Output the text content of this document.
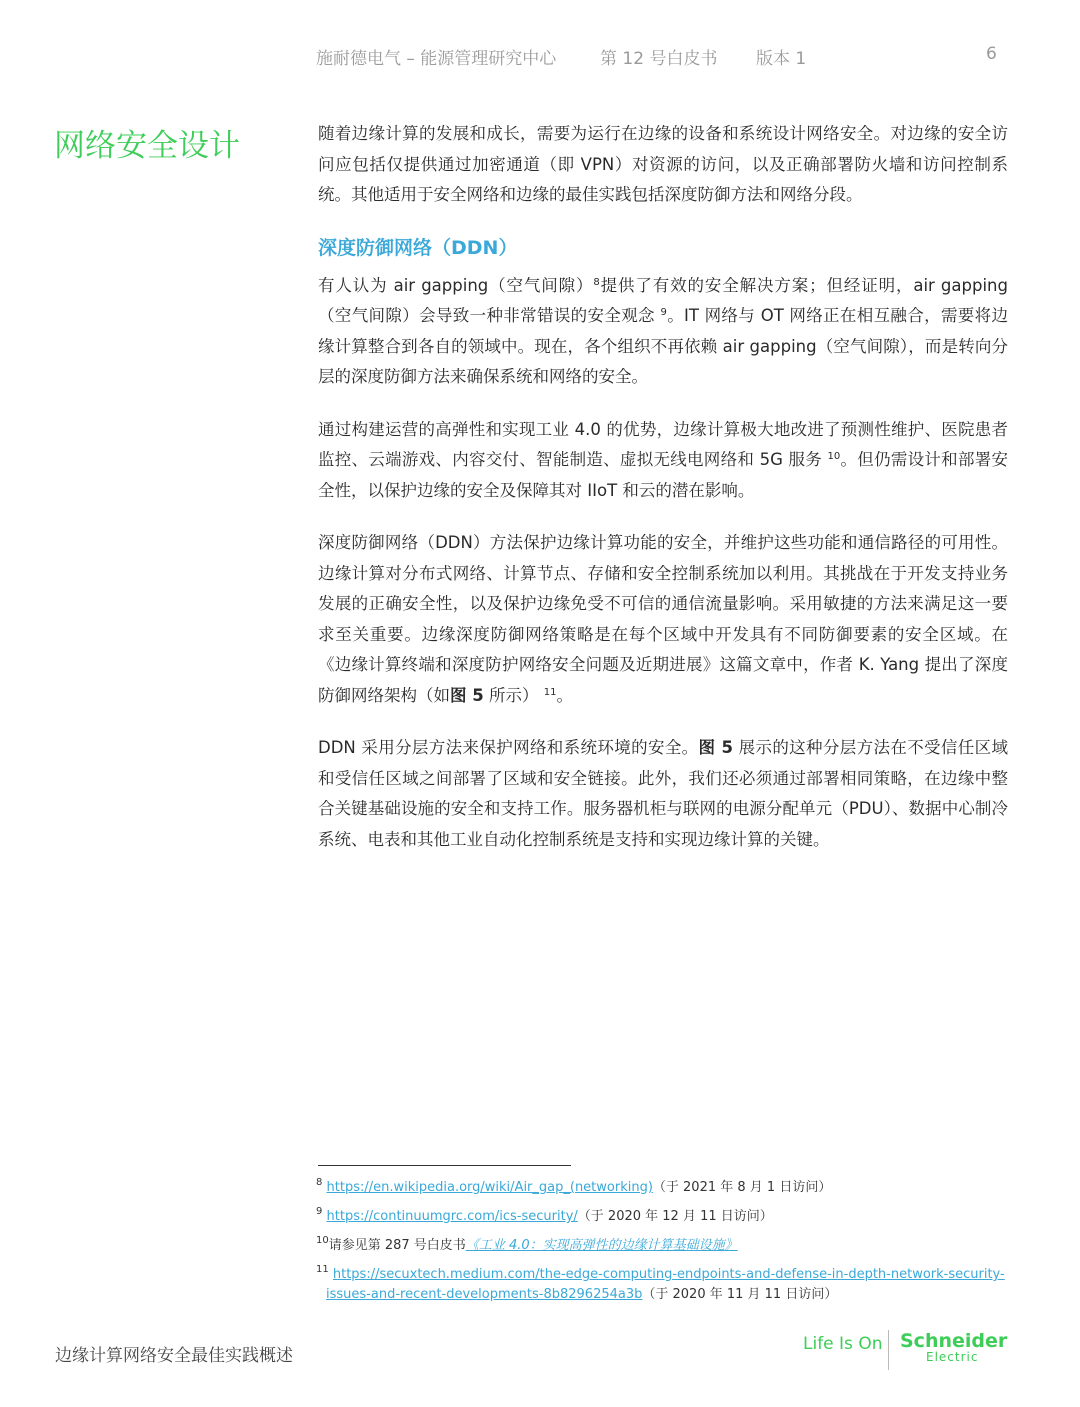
施耐德电气 – 能源管理研究中心	第 12 号白皮书 版本 1	6
网络安全设计	随着边缘计算的发展和成长，需要为运行在边缘的设备和系统设计网络安全。对边缘的安全访问应包括仅提供通过加密通道（即 VPN）对资源的访问，以及正确部署防火墙和访问控制系统。其他适用于安全网络和边缘的最佳实践包括深度防御方法和网络分段。

深度防御网络（DDN）

有人认为 air gapping（空气间隙）$^8$提供了有效的安全解决方案；但经证明，air gapping（空气间隙）会导致一种非常错误的安全观念 $^9$。IT 网络与 OT 网络正在相互融合，需要将边缘计算整合到各自的领域中。现在，各个组织不再依赖 air gapping（空气间隙），而是转向分层的深度防御方法来确保系统和网络的安全。

通过构建运营的高弹性和实现工业 4.0 的优势，边缘计算极大地改进了预测性维护、医院患者监控、云端游戏、内容交付、智能制造、虚拟无线电网络和 5G 服务 $^{10}$。但仍需设计和部署安全性，以保护边缘的安全及保障其对 IIoT 和云的潜在影响。

深度防御网络（DDN）方法保护边缘计算功能的安全，并维护这些功能和通信路径的可用性。边缘计算对分布式网络、计算节点、存储和安全控制系统加以利用。其挑战在于开发支持业务发展的正确安全性，以及保护边缘免受不可信的通信流量影响。采用敏捷的方法来满足这一要求至关重要。边缘深度防御网络策略是在每个区域中开发具有不同防御要素的安全区域。在《边缘计算终端和深度防护网络安全问题及近期进展》这篇文章中，作者 K. Yang 提出了深度防御网络架构（如图 5 所示） $^{11}$。

DDN 采用分层方法来保护网络和系统环境的安全。图 5 展示的这种分层方法在不受信任区域和受信任区域之间部署了区域和安全链接。此外，我们还必须通过部署相同策略，在边缘中整合关键基础设施的安全和支持工作。服务器机柜与联网的电源分配单元（PDU）、数据中心制冷系统、电表和其他工业自动化控制系统是支持和实现边缘计算的关键。

$^8$ https://en.wikipedia.org/wiki/Air_gap_(networking)（于 2021 年 8 月 1 日访问）
$^9$ https://continuumgrc.com/ics-security/（于 2020 年 12 月 11 日访问）
$^{10}$请参见第 287 号白皮书《工业 4.0：实现高弹性的边缘计算基础设施》
$^{11}$ https://secuxtech.medium.com/the-edge-computing-endpoints-and-defense-in-depth-network-security-
issues-and-recent-developments-8b8296254a3b（于 2020 年 11 月 11 日访问）
边缘计算网络安全最佳实践概述
Life Is On Schneider
Electric
